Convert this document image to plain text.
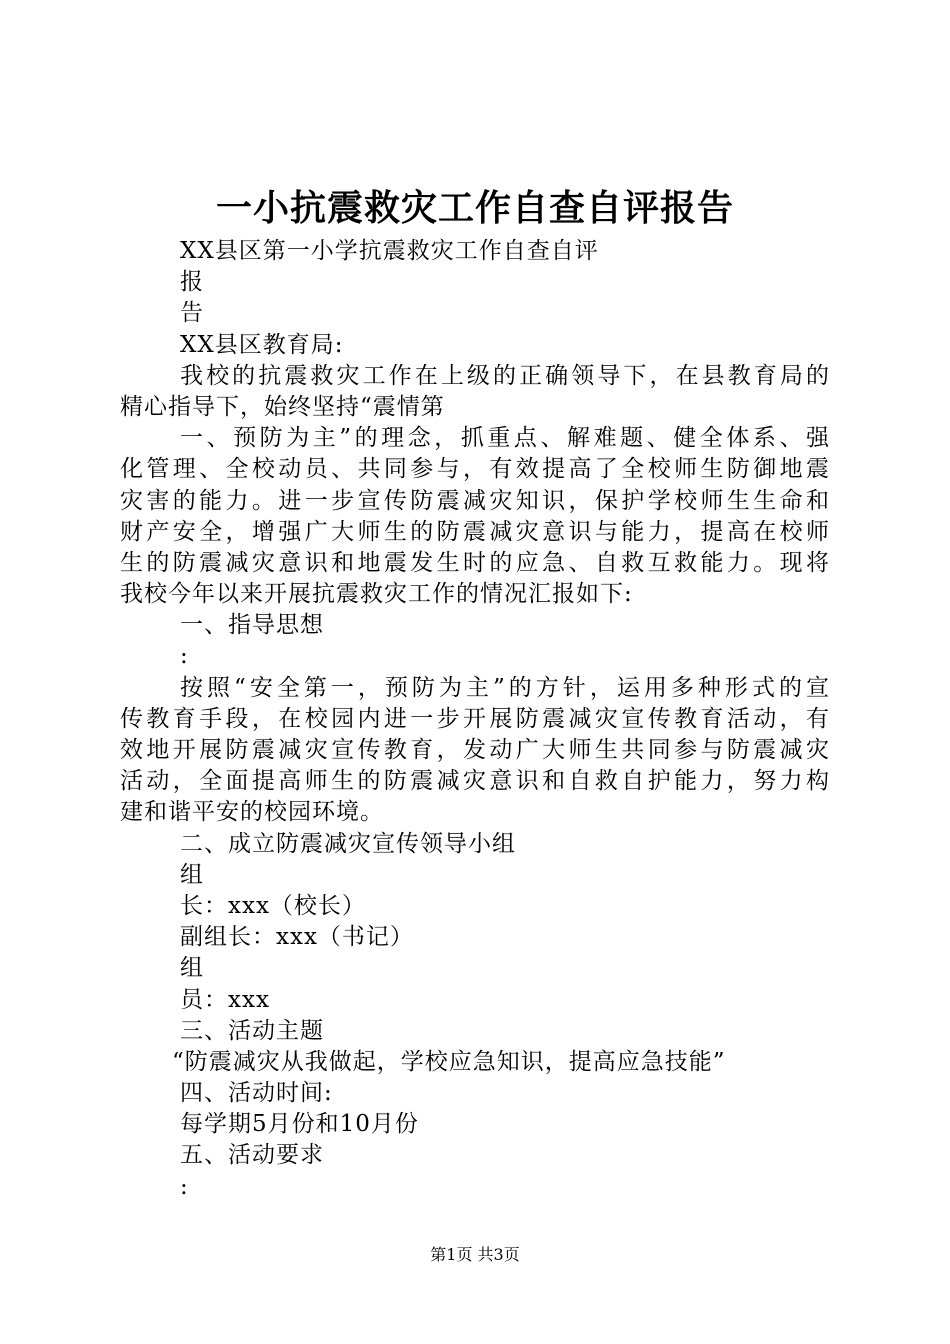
一小抗震救灾工作自查自评报告

XX县区第一小学抗震救灾工作自查自评

报

告

XX县区教育局:

我校的抗震救灾工作在上级的正确领导下，在县教育局的

精心指导下，始终坚持“震情第

一、预防为主”的理念，抓重点、解难题、健全体系、强

化管理、全校动员、共同参与，有效提高了全校师生防御地震

灾害的能力。进一步宣传防震减灾知识，保护学校师生生命和

财产安全，增强广大师生的防震减灾意识与能力，提高在校师

生的防震减灾意识和地震发生时的应急、自救互救能力。现将

我校今年以来开展抗震救灾工作的情况汇报如下:

一、指导思想

:

按照“安全第一，预防为主”的方针，运用多种形式的宣

传教育手段，在校园内进一步开展防震减灾宣传教育活动，有

效地开展防震减灾宣传教育，发动广大师生共同参与防震减灾

活动，全面提高师生的防震减灾意识和自救自护能力，努力构

建和谐平安的校园环境。

二、成立防震减灾宣传领导小组

组

长：xxx（校长）

副组长：xxx（书记）

组

员：xxx

三、活动主题

“防震减灾从我做起，学校应急知识，提高应急技能”

四、活动时间:

每学期5月份和10月份

五、活动要求

:

第1页 共3页
